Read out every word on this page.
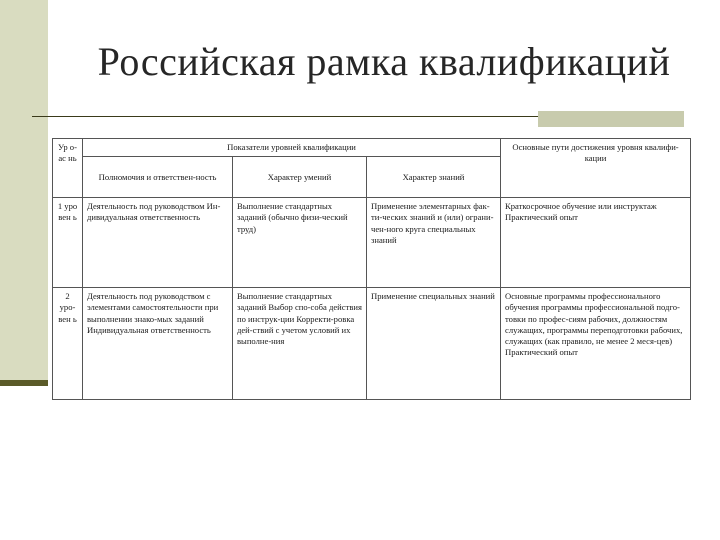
Российская рамка квалификаций
Ур о-ас нь	Показатели уровней квалификации			Основные пути достижения уровня квалифи-кации
	Полномочия и ответствен-ность	Характер умений	Характер знаний	
1 уро вен ь	Деятельность под руководством Ин-дивидуальная ответственность	Выполнение стандартных заданий (обычно физи-ческий труд)	Применение элементарных фак-ти-ческих знаний и (или) ограни-чен-ного круга специальных знаний	Краткосрочное обучение или инструктаж Практический опыт
2 уро-вен ь	Деятельность под руководством с элементами самостоятельности при выполнении знако-мых заданий Индивидуальная ответственность	Выполнение стандартных заданий Выбор спо-соба действия по инструк-ции Корректи-ровка дей-ствий с учетом условий их выполне-ния	Применение специальных знаний	Основные программы профессионального обучения программы профессиональной подго-товки по профес-сиям рабочих, должностям служащих, программы переподготовки рабочих, служащих (как правило, не менее 2 меся-цев) Практический опыт
